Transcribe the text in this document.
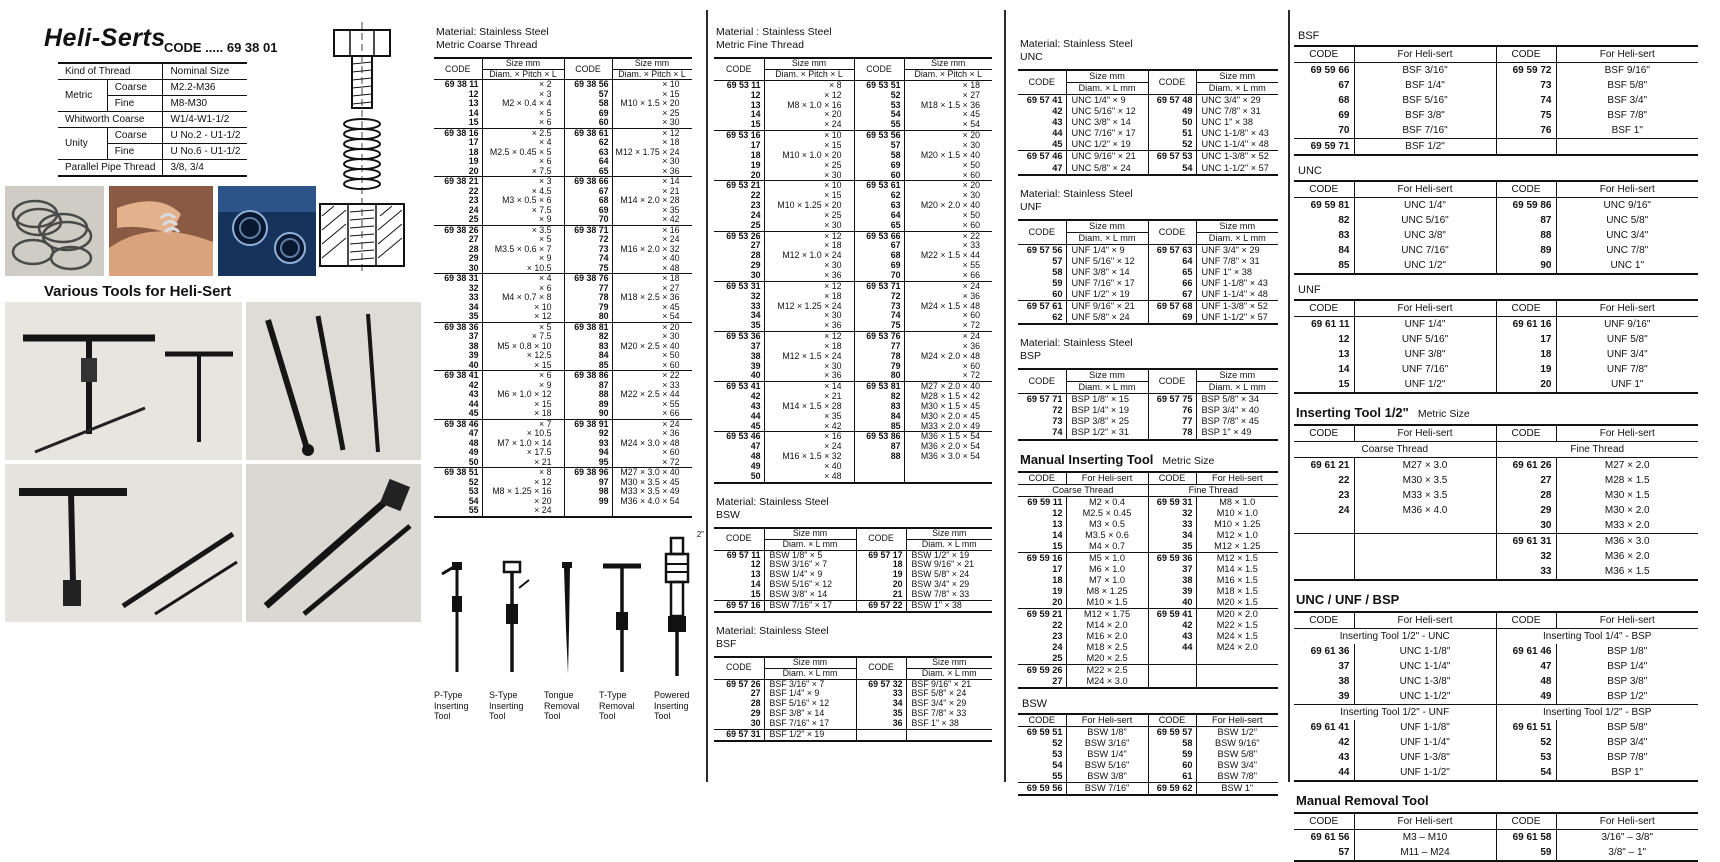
Heli-Serts
CODE ..... 69 38 01
Kind of Thread		Nominal Size
Metric	Coarse	M2.2-M36
	Fine	M8-M30
Whitworth Coarse		W1/4-W1-1/2
Unity	Coarse	U No.2 - U1-1/2
	Fine	U No.6 - U1-1/2
Parallel Pipe Thread		3/8, 3/4
Various Tools for Heli-Sert
Material: Stainless Steel
Metric Coarse Thread
CODE	Size mm	CODE	Size mm
	Diam. × Pitch × L		Diam. × Pitch × L
69 38 11	× 2	69 38 56	× 10
12	× 3	57	× 15
13	M2 × 0.4 × 4	58	M10 × 1.5 × 20
14	× 5	69	× 25
15	× 6	60	× 30
69 38 16	× 2.5	69 38 61	× 12
17	× 4	62	× 18
18	M2.5 × 0.45 × 5	63	M12 × 1.75 × 24
19	× 6	64	× 30
20	× 7.5	65	× 36
69 38 21	× 3	69 38 66	× 14
22	× 4.5	67	× 21
23	M3 × 0.5 × 6	68	M14 × 2.0 × 28
24	× 7.5	69	× 35
25	× 9	70	× 42
69 38 26	× 3.5	69 38 71	× 16
27	× 5	72	× 24
28	M3.5 × 0.6 × 7	73	M16 × 2.0 × 32
29	× 9	74	× 40
30	× 10.5	75	× 48
69 38 31	× 4	69 38 76	× 18
32	× 6	77	× 27
33	M4 × 0.7 × 8	78	M18 × 2.5 × 36
34	× 10	79	× 45
35	× 12	80	× 54
69 38 36	× 5	69 38 81	× 20
37	× 7.5	82	× 30
38	M5 × 0.8 × 10	83	M20 × 2.5 × 40
39	× 12.5	84	× 50
40	× 15	85	× 60
69 38 41	× 6	69 38 86	× 22
42	× 9	87	× 33
43	M6 × 1.0 × 12	88	M22 × 2.5 × 44
44	× 15	89	× 55
45	× 18	90	× 66
69 38 46	× 7	69 38 91	× 24
47	× 10.5	92	× 36
48	M7 × 1.0 × 14	93	M24 × 3.0 × 48
49	× 17.5	94	× 60
50	× 21	95	× 72
69 38 51	× 8	69 38 96	M27 × 3.0 × 40
52	× 12	97	M30 × 3.5 × 45
53	M8 × 1.25 × 16	98	M33 × 3.5 × 49
54	× 20	99	M36 × 4.0 × 54
55	× 24		
P-Type Inserting Tool
S-Type Inserting Tool
Tongue Removal Tool
T-Type Removal Tool
2"
Powered Inserting Tool
Material : Stainless Steel
Metric Fine Thread
CODE	Size mm	CODE	Size mm
	Diam. × Pitch × L		Diam. × Pitch × L
69 53 11	× 8	69 53 51	× 18
12	× 12	52	× 27
13	M8 × 1.0 × 16	53	M18 × 1.5 × 36
14	× 20	54	× 45
15	× 24	55	× 54
69 53 16	× 10	69 53 56	× 20
17	× 15	57	× 30
18	M10 × 1.0 × 20	58	M20 × 1.5 × 40
19	× 25	69	× 50
20	× 30	60	× 60
69 53 21	× 10	69 53 61	× 20
22	× 15	62	× 30
23	M10 × 1.25 × 20	63	M20 × 2.0 × 40
24	× 25	64	× 50
25	× 30	65	× 60
69 53 26	× 12	69 53 66	× 22
27	× 18	67	× 33
28	M12 × 1.0 × 24	68	M22 × 1.5 × 44
29	× 30	69	× 55
30	× 36	70	× 66
69 53 31	× 12	69 53 71	× 24
32	× 18	72	× 36
33	M12 × 1.25 × 24	73	M24 × 1.5 × 48
34	× 30	74	× 60
35	× 36	75	× 72
69 53 36	× 12	69 53 76	× 24
37	× 18	77	× 36
38	M12 × 1.5 × 24	78	M24 × 2.0 × 48
39	× 30	79	× 60
40	× 36	80	× 72
69 53 41	× 14	69 53 81	M27 × 2.0 × 40
42	× 21	82	M28 × 1.5 × 42
43	M14 × 1.5 × 28	83	M30 × 1.5 × 45
44	× 35	84	M30 × 2.0 × 45
45	× 42	85	M33 × 2.0 × 49
69 53 46	× 16	69 53 86	M36 × 1.5 × 54
47	× 24	87	M36 × 2.0 × 54
48	M16 × 1.5 × 32	88	M36 × 3.0 × 54
49	× 40		
50	× 48		
Material: Stainless Steel
BSW
CODE	Size mm	CODE	Size mm
	Diam. × L mm		Diam. × L mm
69 57 11	BSW 1/8" × 5	69 57 17	BSW 1/2" × 19
12	BSW 3/16" × 7	18	BSW 9/16" × 21
13	BSW 1/4" × 9	19	BSW 5/8" × 24
14	BSW 5/16" × 12	20	BSW 3/4" × 29
15	BSW 3/8" × 14	21	BSW 7/8" × 33
69 57 16	BSW 7/16" × 17	69 57 22	BSW 1" × 38
Material: Stainless Steel
BSF
CODE	Size mm	CODE	Size mm
	Diam. × L mm		Diam. × L mm
69 57 26	BSF 3/16" × 7	69 57 32	BSF 9/16" × 21
27	BSF 1/4" × 9	33	BSF 5/8" × 24
28	BSF 5/16" × 12	34	BSF 3/4" × 29
29	BSF 3/8" × 14	35	BSF 7/8" × 33
30	BSF 7/16" × 17	36	BSF 1" × 38
69 57 31	BSF 1/2" × 19		
Material: Stainless Steel
UNC
CODE	Size mm	CODE	Size mm
	Diam. × L mm		Diam. × L mm
69 57 41	UNC 1/4" × 9	69 57 48	UNC 3/4" × 29
42	UNC 5/16" × 12	49	UNC 7/8" × 31
43	UNC 3/8" × 14	50	UNC 1" × 38
44	UNC 7/16" × 17	51	UNC 1-1/8" × 43
45	UNC 1/2" × 19	52	UNC 1-1/4" × 48
69 57 46	UNC 9/16" × 21	69 57 53	UNC 1-3/8" × 52
47	UNC 5/8" × 24	54	UNC 1-1/2" × 57
Material: Stainless Steel
UNF
CODE	Size mm	CODE	Size mm
	Diam. × L mm		Diam. × L mm
69 57 56	UNF 1/4" × 9	69 57 63	UNF 3/4" × 29
57	UNF 5/16" × 12	64	UNF 7/8" × 31
58	UNF 3/8" × 14	65	UNF 1" × 38
59	UNF 7/16" × 17	66	UNF 1-1/8" × 43
60	UNF 1/2" × 19	67	UNF 1-1/4" × 48
69 57 61	UNF 9/16" × 21	69 57 68	UNF 1-3/8" × 52
62	UNF 5/8" × 24	69	UNF 1-1/2" × 57
Material: Stainless Steel
BSP
CODE	Size mm	CODE	Size mm
	Diam. × L mm		Diam. × L mm
69 57 71	BSP 1/8" × 15	69 57 75	BSP 5/8" × 34
72	BSP 1/4" × 19	76	BSP 3/4" × 40
73	BSP 3/8" × 25	77	BSP 7/8" × 45
74	BSP 1/2" × 31	78	BSP 1" × 49
Manual Inserting Tool Metric Size
CODE	For Heli-sert	CODE	For Heli-sert
Coarse Thread		Fine Thread	
69 59 11	M2 × 0.4	69 59 31	M8 × 1.0
12	M2.5 × 0.45	32	M10 × 1.0
13	M3 × 0.5	33	M10 × 1.25
14	M3.5 × 0.6	34	M12 × 1.0
15	M4 × 0.7	35	M12 × 1.25
69 59 16	M5 × 1.0	69 59 36	M12 × 1.5
17	M6 × 1.0	37	M14 × 1.5
18	M7 × 1.0	38	M16 × 1.5
19	M8 × 1.25	39	M18 × 1.5
20	M10 × 1.5	40	M20 × 1.5
69 59 21	M12 × 1.75	69 59 41	M20 × 2.0
22	M14 × 2.0	42	M22 × 1.5
23	M16 × 2.0	43	M24 × 1.5
24	M18 × 2.5	44	M24 × 2.0
25	M20 × 2.5		
69 59 26	M22 × 2.5		
27	M24 × 3.0		
BSW
CODE	For Heli-sert	CODE	For Heli-sert
69 59 51	BSW 1/8"	69 59 57	BSW 1/2"
52	BSW 3/16"	58	BSW 9/16"
53	BSW 1/4"	59	BSW 5/8"
54	BSW 5/16"	60	BSW 3/4"
55	BSW 3/8"	61	BSW 7/8"
69 59 56	BSW 7/16"	69 59 62	BSW 1"
BSF
CODE	For Heli-sert	CODE	For Heli-sert
69 59 66	BSF 3/16"	69 59 72	BSF 9/16"
67	BSF 1/4"	73	BSF 5/8"
68	BSF 5/16"	74	BSF 3/4"
69	BSF 3/8"	75	BSF 7/8"
70	BSF 7/16"	76	BSF 1"
69 59 71	BSF 1/2"		
UNC
CODE	For Heli-sert	CODE	For Heli-sert
69 59 81	UNC 1/4"	69 59 86	UNC 9/16"
82	UNC 5/16"	87	UNC 5/8"
83	UNC 3/8"	88	UNC 3/4"
84	UNC 7/16"	89	UNC 7/8"
85	UNC 1/2"	90	UNC 1"
UNF
CODE	For Heli-sert	CODE	For Heli-sert
69 61 11	UNF 1/4"	69 61 16	UNF 9/16"
12	UNF 5/16"	17	UNF 5/8"
13	UNF 3/8"	18	UNF 3/4"
14	UNF 7/16"	19	UNF 7/8"
15	UNF 1/2"	20	UNF 1"
Inserting Tool 1/2" Metric Size
CODE	For Heli-sert	CODE	For Heli-sert
Coarse Thread		Fine Thread	
69 61 21	M27 × 3.0	69 61 26	M27 × 2.0
22	M30 × 3.5	27	M28 × 1.5
23	M33 × 3.5	28	M30 × 1.5
24	M36 × 4.0	29	M30 × 2.0
		30	M33 × 2.0
		69 61 31	M36 × 3.0
		32	M36 × 2.0
		33	M36 × 1.5
UNC / UNF / BSP
CODE	For Heli-sert	CODE	For Heli-sert
Inserting Tool 1/2" - UNC		Inserting Tool 1/4" - BSP	
69 61 36	UNC 1-1/8"	69 61 46	BSP 1/8"
37	UNC 1-1/4"	47	BSP 1/4"
38	UNC 1-3/8"	48	BSP 3/8"
39	UNC 1-1/2"	49	BSP 1/2"
Inserting Tool 1/2" - UNF		Inserting Tool 1/2" - BSP	
69 61 41	UNF 1-1/8"	69 61 51	BSP 5/8"
42	UNF 1-1/4"	52	BSP 3/4"
43	UNF 1-3/8"	53	BSP 7/8"
44	UNF 1-1/2"	54	BSP 1"
Manual Removal Tool
CODE	For Heli-sert	CODE	For Heli-sert
69 61 56	M3 – M10	69 61 58	3/16" – 3/8"
57	M11 – M24	59	3/8" – 1"
